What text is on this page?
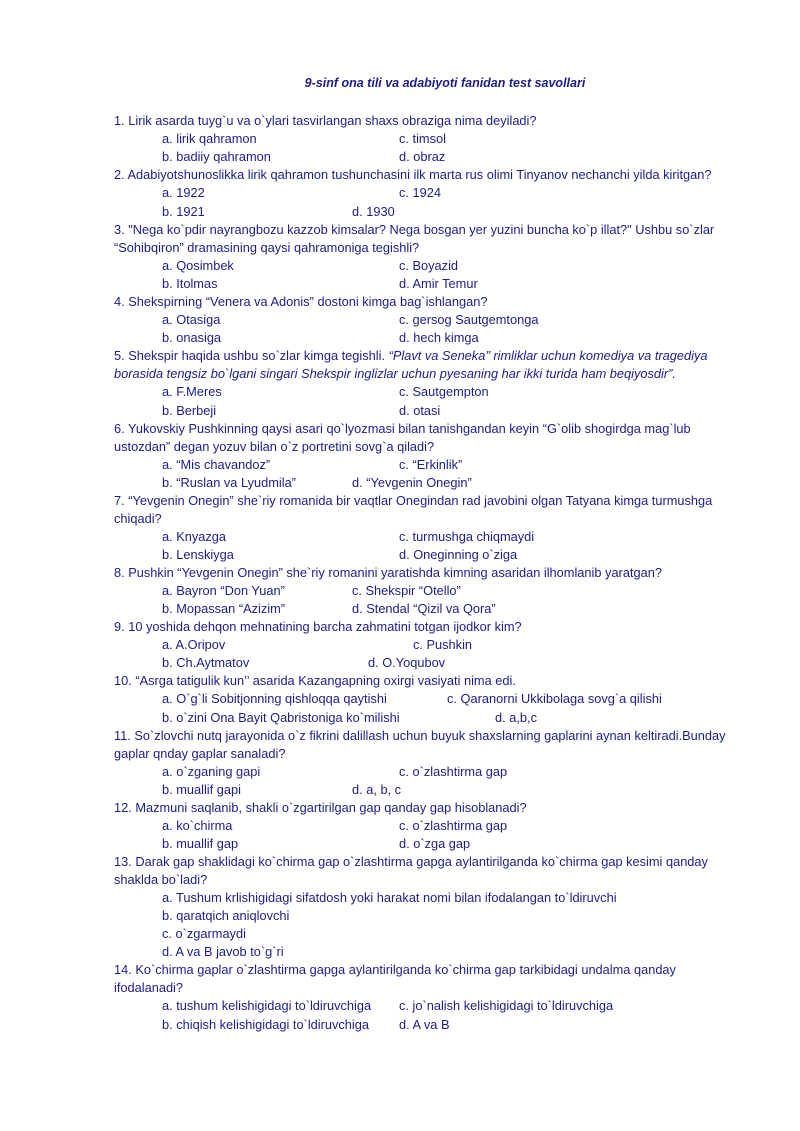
9-sinf ona tili va adabiyoti fanidan test savollari
1. Lirik asarda tuyg`u va o`ylari tasvirlangan shaxs obraziga nima deyiladi?
a. lirik qahramon	c. timsol
b. badiiy qahramon	d. obraz
2. Adabiyotshunoslikka lirik qahramon tushunchasini ilk marta rus olimi Tinyanov nechanchi yilda kiritgan?
a. 1922	c. 1924
b. 1921	d. 1930
3. "Nega ko`pdir nayrangbozu kazzob kimsalar? Nega bosgan yer yuzini buncha ko`p illat?" Ushbu so`zlar
“Sohibqiron” dramasining qaysi qahramoniga tegishli?
a. Qosimbek	c. Boyazid
b. Itolmas	d. Amir Temur
4. Shekspirning “Venera va Adonis” dostoni kimga bag`ishlangan?
a. Otasiga	c. gersog Sautgemtonga
b. onasiga	d. hech kimga
5. Shekspir haqida ushbu so`zlar kimga tegishli. “Plavt va Seneka’’ rimliklar uchun komediya va tragediya
borasida tengsiz bo`lgani singari Shekspir inglizlar uchun pyesaning har ikki turida ham beqiyosdir”.
a. F.Meres	c. Sautgempton
b. Berbeji	d. otasi
6. Yukovskiy Pushkinning qaysi asari qo`lyozmasi bilan tanishgandan keyin “G`olib shogirdga mag`lub
ustozdan” degan yozuv bilan o`z portretini sovg`a qiladi?
a. “Mis chavandoz”	c. “Erkinlik”
b. “Ruslan va Lyudmila”	d. “Yevgenin Onegin”
7. “Yevgenin Onegin” she`riy romanida bir vaqtlar Onegindan rad javobini olgan Tatyana kimga turmushga
chiqadi?
a. Knyazga	c. turmushga chiqmaydi
b. Lenskiyga	d. Oneginning o`ziga
8. Pushkin “Yevgenin Onegin” she`riy romanini yaratishda kimning asaridan ilhomlanib yaratgan?
a. Bayron “Don Yuan”	c. Shekspir “Otello”
b. Mopassan “Azizim”	d. Stendal “Qizil va Qora”
9. 10 yoshida dehqon mehnatining barcha zahmatini totgan ijodkor kim?
a. A.Oripov	c. Pushkin
b. Ch.Aytmatov	d. O.Yoqubov
10. “Asrga tatigulik kun’’ asarida Kazangapning oxirgi vasiyati nima edi.
a. O`g`li Sobitjonning qishloqqa qaytishi	c. Qaranorni Ukkibolaga sovg`a qilishi
b. o`zini Ona Bayit Qabristoniga ko`milishi	d. a,b,c
11. So`zlovchi nutq jarayonida o`z fikrini dalillash uchun buyuk shaxslarning gaplarini aynan keltiradi.Bunday
gaplar qnday gaplar sanaladi?
a. o`zganing gapi	c. o`zlashtirma gap
b. muallif gapi	d. a, b, c
12. Mazmuni saqlanib, shakli o`zgartirilgan gap qanday gap hisoblanadi?
a. ko`chirma	c. o`zlashtirma gap
b. muallif gap	d. o`zga gap
13. Darak gap shaklidagi ko`chirma gap o`zlashtirma gapga aylantirilganda ko`chirma gap kesimi qanday
shaklda bo`ladi?
a. Tushum krlishigidagi sifatdosh yoki harakat nomi bilan ifodalangan to`ldiruvchi
b. qaratqich aniqlovchi
c. o`zgarmaydi
d. A va B javob to`g`ri
14. Ko`chirma gaplar o`zlashtirma gapga aylantirilganda ko`chirma gap tarkibidagi undalma qanday
ifodalanadi?
a. tushum kelishigidagi to`ldiruvchiga c. jo`nalish kelishigidagi to`ldiruvchiga
b. chiqish kelishigidagi to`ldiruvchiga d. A va B
